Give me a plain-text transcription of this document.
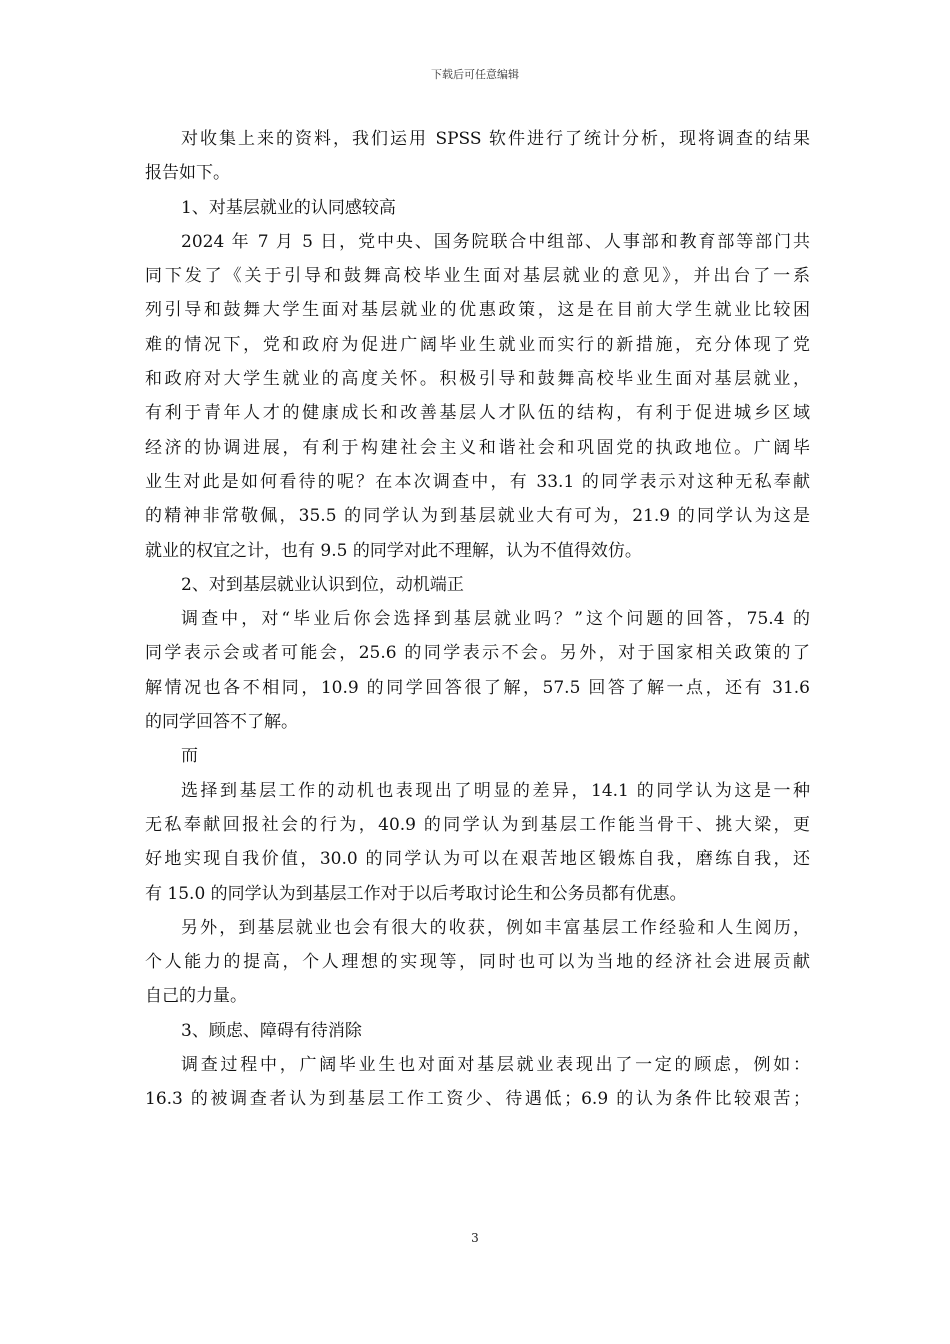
下载后可任意编辑
对收集上来的资料，我们运用 SPSS 软件进行了统计分析，现将调查的结果
报告如下。
1、对基层就业的认同感较高
2024 年 7 月 5 日，党中央、国务院联合中组部、人事部和教育部等部门共
同下发了《关于引导和鼓舞高校毕业生面对基层就业的意见》，并出台了一系
列引导和鼓舞大学生面对基层就业的优惠政策，这是在目前大学生就业比较困
难的情况下，党和政府为促进广阔毕业生就业而实行的新措施，充分体现了党
和政府对大学生就业的高度关怀。积极引导和鼓舞高校毕业生面对基层就业，
有利于青年人才的健康成长和改善基层人才队伍的结构，有利于促进城乡区域
经济的协调进展，有利于构建社会主义和谐社会和巩固党的执政地位。广阔毕
业生对此是如何看待的呢？在本次调查中，有 33.1 的同学表示对这种无私奉献
的精神非常敬佩，35.5 的同学认为到基层就业大有可为，21.9 的同学认为这是
就业的权宜之计，也有 9.5 的同学对此不理解，认为不值得效仿。
2、对到基层就业认识到位，动机端正
调查中，对“毕业后你会选择到基层就业吗？”这个问题的回答，75.4 的
同学表示会或者可能会，25.6 的同学表示不会。另外，对于国家相关政策的了
解情况也各不相同，10.9 的同学回答很了解，57.5 回答了解一点，还有 31.6
的同学回答不了解。
而
选择到基层工作的动机也表现出了明显的差异，14.1 的同学认为这是一种
无私奉献回报社会的行为，40.9 的同学认为到基层工作能当骨干、挑大梁，更
好地实现自我价值，30.0 的同学认为可以在艰苦地区锻炼自我，磨练自我，还
有 15.0 的同学认为到基层工作对于以后考取讨论生和公务员都有优惠。
另外，到基层就业也会有很大的收获，例如丰富基层工作经验和人生阅历，
个人能力的提高，个人理想的实现等，同时也可以为当地的经济社会进展贡献
自己的力量。
3、顾虑、障碍有待消除
调查过程中，广阔毕业生也对面对基层就业表现出了一定的顾虑，例如：
16.3 的被调查者认为到基层工作工资少、待遇低；6.9 的认为条件比较艰苦；
3
